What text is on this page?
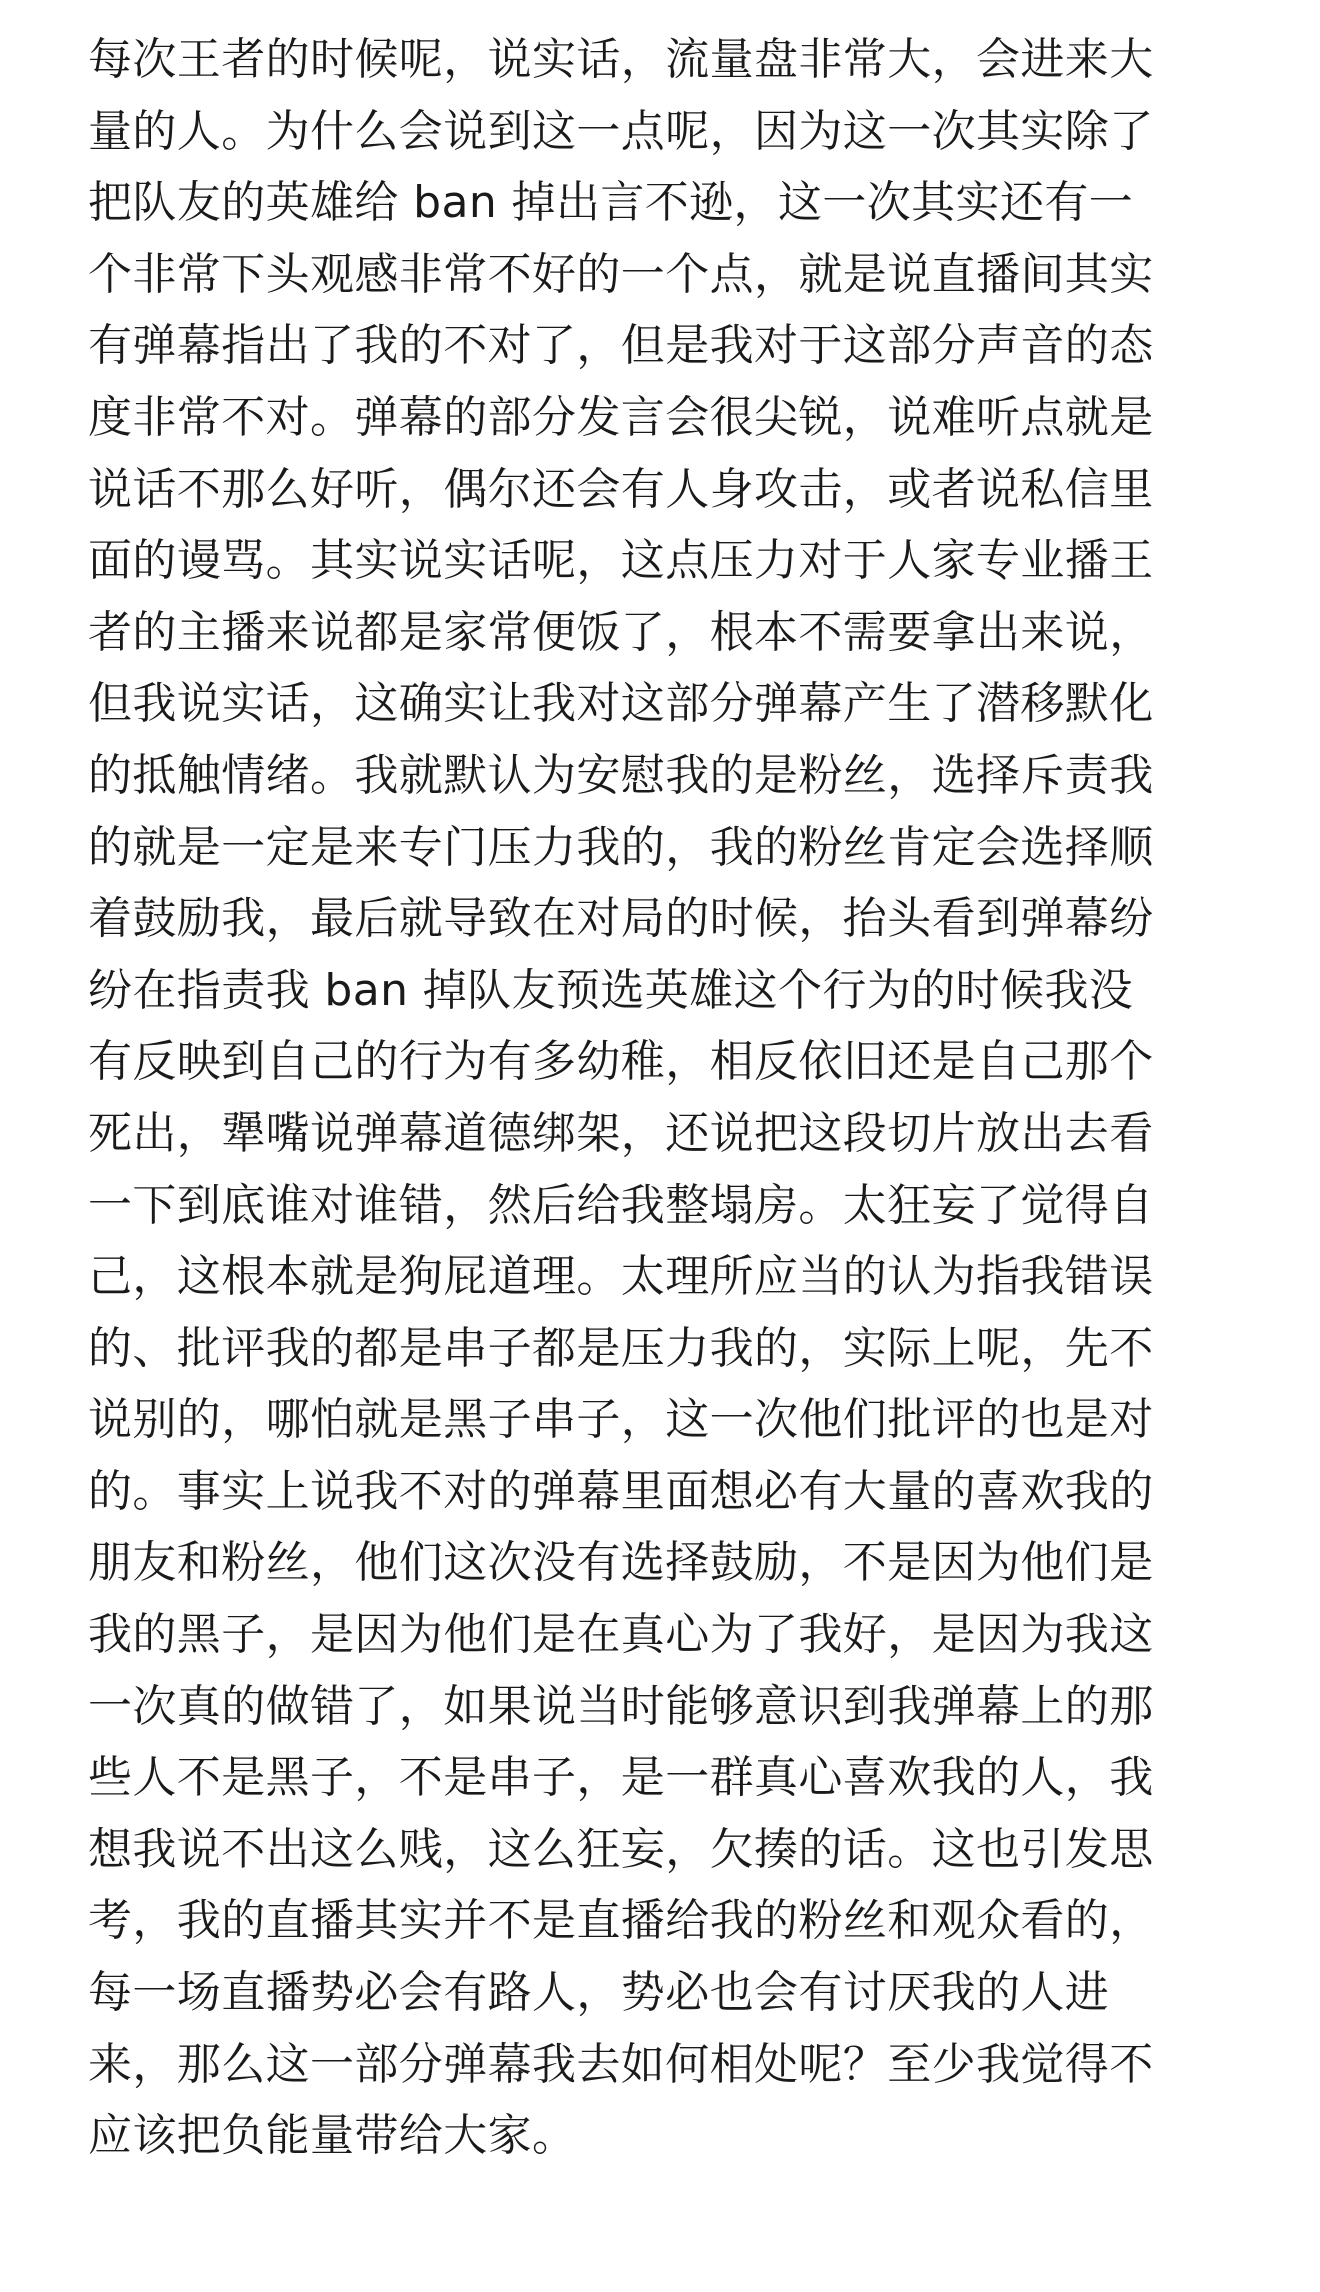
每次王者的时候呢，说实话，流量盘非常大，会进来大
量的人。为什么会说到这一点呢，因为这一次其实除了
把队友的英雄给 ban 掉出言不逊，这一次其实还有一
个非常下头观感非常不好的一个点，就是说直播间其实
有弹幕指出了我的不对了，但是我对于这部分声音的态
度非常不对。弹幕的部分发言会很尖锐，说难听点就是
说话不那么好听，偶尔还会有人身攻击，或者说私信里
面的谩骂。其实说实话呢，这点压力对于人家专业播王
者的主播来说都是家常便饭了，根本不需要拿出来说，
但我说实话，这确实让我对这部分弹幕产生了潜移默化
的抵触情绪。我就默认为安慰我的是粉丝，选择斥责我
的就是一定是来专门压力我的，我的粉丝肯定会选择顺
着鼓励我，最后就导致在对局的时候，抬头看到弹幕纷
纷在指责我 ban 掉队友预选英雄这个行为的时候我没
有反映到自己的行为有多幼稚，相反依旧还是自己那个
死出，犟嘴说弹幕道德绑架，还说把这段切片放出去看
一下到底谁对谁错，然后给我整塌房。太狂妄了觉得自
己，这根本就是狗屁道理。太理所应当的认为指我错误
的、批评我的都是串子都是压力我的，实际上呢，先不
说别的，哪怕就是黑子串子，这一次他们批评的也是对
的。事实上说我不对的弹幕里面想必有大量的喜欢我的
朋友和粉丝，他们这次没有选择鼓励，不是因为他们是
我的黑子，是因为他们是在真心为了我好，是因为我这
一次真的做错了，如果说当时能够意识到我弹幕上的那
些人不是黑子，不是串子，是一群真心喜欢我的人，我
想我说不出这么贱，这么狂妄，欠揍的话。这也引发思
考，我的直播其实并不是直播给我的粉丝和观众看的，
每一场直播势必会有路人，势必也会有讨厌我的人进
来，那么这一部分弹幕我去如何相处呢？至少我觉得不
应该把负能量带给大家。
